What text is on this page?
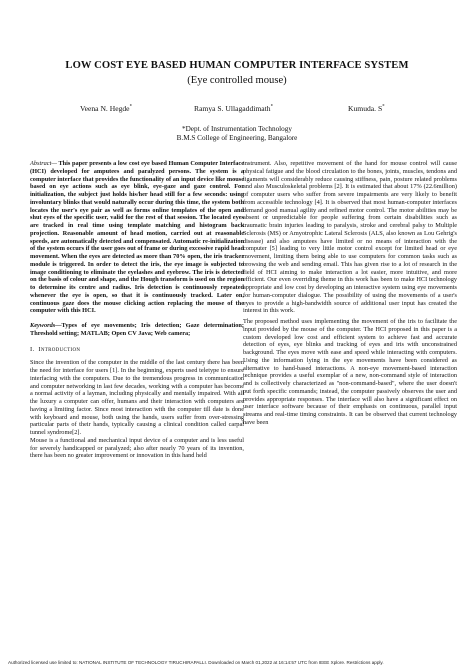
LOW COST EYE BASED HUMAN COMPUTER INTERFACE SYSTEM
(Eye controlled mouse)
Veena N. Hegde*	Ramya S. Ullagaddimath*	Kumuda. S*
*Dept. of Instrumentation Technology
B.M.S College of Engineering, Bangalore

Abstract— This paper presents a low cost eye based Human Computer Interface (HCI) developed for amputees and paralyzed persons. The system is a computer interface that provides the functionality of an input device like mouse based on eye actions such as eye blink, eye-gaze and gaze control. For initialization, the subject just holds his/her head still for a few seconds: using involuntary blinks that would naturally occur during this time, the system both locates the user's eye pair as well as forms online templates of the open and shut eyes of the specific user, valid for the rest of that session. The located eyes are tracked in real time using template matching and histogram back projection. Reasonable amount of head motion, carried out at reasonable speeds, are automatically detected and compensated. Automatic re-initialization of the system occurs if the user goes out of frame or during excessive rapid head movement. When the eyes are detected as more than 70% open, the iris tracker module is triggered. In order to detect the iris, the eye image is subjected to image conditioning to eliminate the eyelashes and eyebrow. The iris is detected on the basis of colour and shape, and the Hough transform is used on the region to determine its centre and radius. Iris detection is continuously repeated whenever the eye is open, so that it is continuously tracked. Later on, continuous gaze does the mouse clicking action replacing the mouse of the computer with this HCI.

Keywords—Types of eye movements; Iris detection; Gaze determination; Threshold setting; MATLAB; Open CV Java; Web camera;

I. Introduction

Since the invention of the computer in the middle of the last century there has been the need for interface for users [1]. In the beginning, experts used teletype to ensure interfacing with the computers. Due to the tremendous progress in communication and computer networking in last few decades, working with a computer has become a normal activity of a layman, including physically and mentally impaired. With all the luxury a computer can offer, humans and their interaction with computers are having a limiting factor. Since most interaction with the computer till date is done with keyboard and mouse, both using the hands, users suffer from over-stressing particular parts of their hands, typically causing a clinical condition called carpal tunnel syndrome[2].

Mouse is a functional and mechanical input device of a computer and is less useful for severely handicapped or paralyzed; also after nearly 70 years of its invention, there has been no greater improvement or innovation in this hand held

instrument. Also, repetitive movement of the hand for mouse control will cause physical fatigue and the blood circulation to the bones, joints, muscles, tendons and ligaments will considerably reduce causing stiffness, pain, posture related problems and also Musculoskeletal problems [2]. It is estimated that about 17% (22.6million) of computer users who suffer from severe impairments are very likely to benefit from accessible technology [4]. It is observed that most human-computer interfaces demand good manual agility and refined motor control. The motor abilities may be absent or unpredictable for people suffering from certain disabilities such as traumatic brain injuries leading to paralysis, stroke and cerebral palsy to Multiple Sclerosis (MS) or Amyotrophic Lateral Sclerosis (ALS, also known as Lou Gehrig's disease) and also amputees have limited or no means of interaction with the computer [5] leading to very little motor control except for limited head or eye movement, limiting them being able to use computers for common tasks such as browsing the web and sending email. This has given rise to a lot of research in the field of HCI aiming to make interaction a lot easier, more intuitive, and more efficient. Our even overriding theme in this work has been to make HCI technology appropriate and low cost by developing an interactive system using eye movements for human-computer dialogue. The possibility of using the movements of a user's eyes to provide a high-bandwidth source of additional user input has created the interest in this work.

The proposed method uses implementing the movement of the iris to facilitate the input provided by the mouse of the computer. The HCI proposed in this paper is a custom developed low cost and efficient system to achieve fast and accurate detection of eyes, eye blinks and tracking of eyes and iris with unconstrained background. The eyes move with ease and speed while interacting with computers. Using the information lying in the eye movements have been considered as alternative to hand-based interactions. A non-eye movement-based interaction technique provides a useful exemplar of a new, non-command style of interaction and is collectively characterized as "non-command-based", where the user doesn't put forth specific commands; instead, the computer passively observes the user and provides appropriate responses. The interface will also have a significant effect on user interface software because of their emphasis on continuous, parallel input streams and real-time timing constraints. It can be observed that current technology have been

Authorized licensed use limited to: NATIONAL INSTITUTE OF TECHNOLOGY TIRUCHIRAPALLI. Downloaded on March 01,2022 at 16:14:57 UTC from IEEE Xplore. Restrictions apply.
